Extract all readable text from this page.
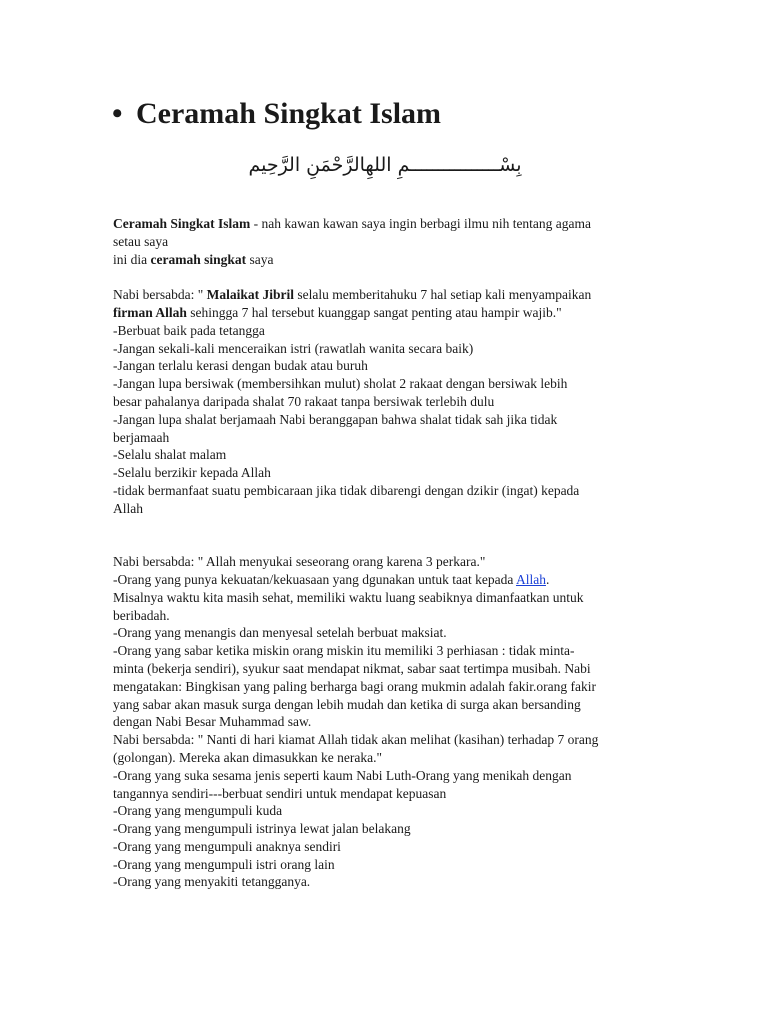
• Ceramah Singkat Islam
بِسْــــــــــــــــمِ اللهِالرَّحْمَنِ الرَّحِيم

Ceramah Singkat Islam - nah kawan kawan saya ingin berbagi ilmu nih tentang agama

setau saya

ini dia ceramah singkat saya

Nabi bersabda: " Malaikat Jibril selalu memberitahuku 7 hal setiap kali menyampaikan

firman Allah sehingga 7 hal tersebut kuanggap sangat penting atau hampir wajib."

-Berbuat baik pada tetangga

-Jangan sekali-kali menceraikan istri (rawatlah wanita secara baik)

-Jangan terlalu kerasi dengan budak atau buruh

-Jangan lupa bersiwak (membersihkan mulut) sholat 2 rakaat dengan bersiwak lebih

besar pahalanya daripada shalat 70 rakaat tanpa bersiwak terlebih dulu

-Jangan lupa shalat berjamaah Nabi beranggapan bahwa shalat tidak sah jika tidak

berjamaah

-Selalu shalat malam

-Selalu berzikir kepada Allah

-tidak bermanfaat suatu pembicaraan jika tidak dibarengi dengan dzikir (ingat) kepada

Allah

Nabi bersabda: " Allah menyukai seseorang orang karena 3 perkara."

-Orang yang punya kekuatan/kekuasaan yang dgunakan untuk taat kepada Allah.

Misalnya waktu kita masih sehat, memiliki waktu luang seabiknya dimanfaatkan untuk

beribadah.

-Orang yang menangis dan menyesal setelah berbuat maksiat.

-Orang yang sabar ketika miskin orang miskin itu memiliki 3 perhiasan : tidak minta-

minta (bekerja sendiri), syukur saat mendapat nikmat, sabar saat tertimpa musibah. Nabi

mengatakan: Bingkisan yang paling berharga bagi orang mukmin adalah fakir.orang fakir

yang sabar akan masuk surga dengan lebih mudah dan ketika di surga akan bersanding

dengan Nabi Besar Muhammad saw.

Nabi bersabda: " Nanti di hari kiamat Allah tidak akan melihat (kasihan) terhadap 7 orang

(golongan). Mereka akan dimasukkan ke neraka."

-Orang yang suka sesama jenis seperti kaum Nabi Luth-Orang yang menikah dengan

tangannya sendiri---berbuat sendiri untuk mendapat kepuasan

-Orang yang mengumpuli kuda

-Orang yang mengumpuli istrinya lewat jalan belakang

-Orang yang mengumpuli anaknya sendiri

-Orang yang mengumpuli istri orang lain

-Orang yang menyakiti tetangganya.
